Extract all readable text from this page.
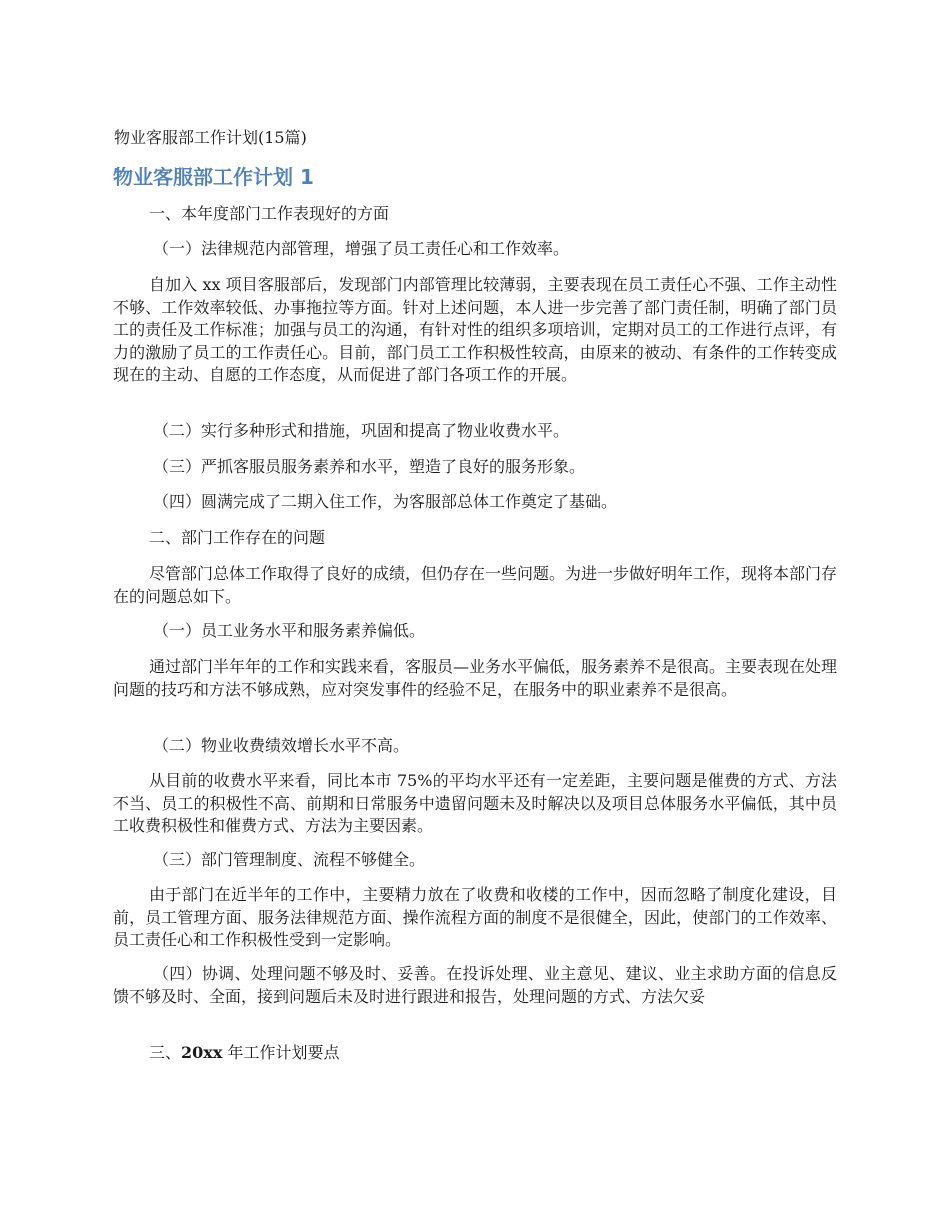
物业客服部工作计划(15篇)

物业客服部工作计划 1

一、本年度部门工作表现好的方面

（一）法律规范内部管理，增强了员工责任心和工作效率。

自加入 xx 项目客服部后，发现部门内部管理比较薄弱，主要表现在员工责任心不强、工作主动性不够、工作效率较低、办事拖拉等方面。针对上述问题，本人进一步完善了部门责任制，明确了部门员工的责任及工作标准；加强与员工的沟通，有针对性的组织多项培训，定期对员工的工作进行点评，有力的激励了员工的工作责任心。目前，部门员工工作积极性较高，由原来的被动、有条件的工作转变成现在的主动、自愿的工作态度，从而促进了部门各项工作的开展。

（二）实行多种形式和措施，巩固和提高了物业收费水平。

（三）严抓客服员服务素养和水平，塑造了良好的服务形象。

（四）圆满完成了二期入住工作，为客服部总体工作奠定了基础。

二、部门工作存在的问题

尽管部门总体工作取得了良好的成绩，但仍存在一些问题。为进一步做好明年工作，现将本部门存在的问题总如下。

（一）员工业务水平和服务素养偏低。

通过部门半年年的工作和实践来看，客服员—业务水平偏低，服务素养不是很高。主要表现在处理问题的技巧和方法不够成熟，应对突发事件的经验不足，在服务中的职业素养不是很高。

（二）物业收费绩效增长水平不高。

从目前的收费水平来看，同比本市 75%的平均水平还有一定差距，主要问题是催费的方式、方法不当、员工的积极性不高、前期和日常服务中遗留问题未及时解决以及项目总体服务水平偏低，其中员工收费积极性和催费方式、方法为主要因素。

（三）部门管理制度、流程不够健全。

由于部门在近半年的工作中，主要精力放在了收费和收楼的工作中，因而忽略了制度化建设，目前，员工管理方面、服务法律规范方面、操作流程方面的制度不是很健全，因此，使部门的工作效率、员工责任心和工作积极性受到一定影响。

（四）协调、处理问题不够及时、妥善。在投诉处理、业主意见、建议、业主求助方面的信息反馈不够及时、全面，接到问题后未及时进行跟进和报告，处理问题的方式、方法欠妥

三、20xx 年工作计划要点
